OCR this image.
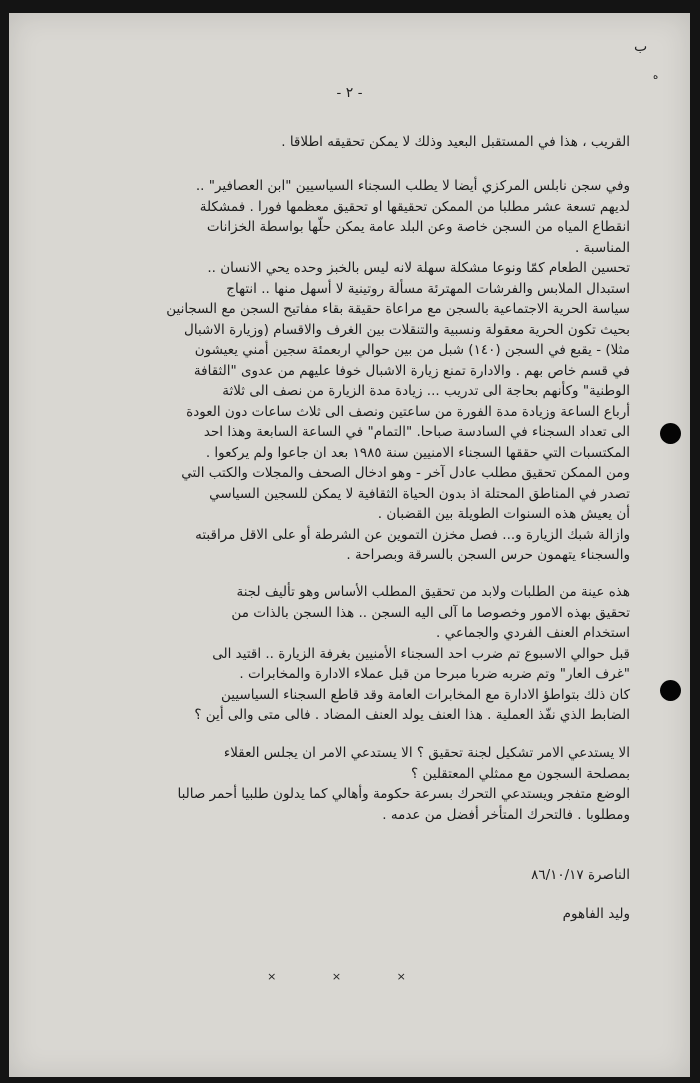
ب
ه
- ٢ -
القريب ، هذا في المستقبل البعيد وذلك لا يمكن تحقيقه اطلاقا .
وفي سجن نابلس المركزي أيضا لا يطلب السجناء السياسيين "ابن العصافير" ..
لديهم تسعة عشر مطلبا من الممكن تحقيقها او تحقيق معظمها فورا . فمشكلة
انقطاع المياه من السجن خاصة وعن البلد عامة يمكن حلّها بواسطة الخزانات
المناسبة .
تحسين الطعام كمّا ونوعا مشكلة سهلة لانه ليس بالخبز وحده يحي الانسان ..
استبدال الملابس والفرشات المهترئة مسألة روتينية لا أسهل منها .. انتهاج
سياسة الحرية الاجتماعية بالسجن مع مراعاة حقيقة بقاء مفاتيح السجن مع السجانين
بحيث تكون الحرية معقولة ونسبية والتنقلات بين الغرف والاقسام (وزيارة الاشبال
مثلا) - يقبع في السجن (١٤٠) شبل من بين حوالي اربعمئة سجين أمني يعيشون
في قسم خاص بهم . والادارة تمنع زيارة الاشبال خوفا عليهم من عدوى "الثقافة
الوطنية" وكأنهم بحاجة الى تدريب ... زيادة مدة الزيارة من نصف الى ثلاثة
أرباع الساعة وزيادة مدة الفورة من ساعتين ونصف الى ثلاث ساعات دون العودة
الى تعداد السجناء في السادسة صباحا. "التمام" في الساعة السابعة وهذا احد
المكتسبات التي حققها السجناء الامنيين سنة ١٩٨٥ بعد ان جاعوا ولم يركعوا .
ومن الممكن تحقيق مطلب عادل آخر - وهو ادخال الصحف والمجلات والكتب التي
تصدر في المناطق المحتلة اذ بدون الحياة الثقافية لا يمكن للسجين السياسي
أن يعيش هذه السنوات الطويلة بين القضبان .
وازالة شبك الزيارة و... فصل مخزن التموين عن الشرطة أو على الاقل مراقبته
والسجناء يتهمون حرس السجن بالسرقة وبصراحة .
هذه عينة من الطلبات ولابد من تحقيق المطلب الأساس وهو تأليف لجنة
تحقيق بهذه الامور وخصوصا ما آلى اليه السجن .. هذا السجن بالذات من
استخدام العنف الفردي والجماعي .
قبل حوالي الاسبوع تم ضرب احد السجناء الأمنيين بغرفة الزيارة .. اقتيد الى
"غرف العار" وتم ضربه ضربا مبرحا من قبل عملاء الادارة والمخابرات .
كان ذلك بتواطؤ الادارة مع المخابرات العامة وقد قاطع السجناء السياسيين
الضابط الذي نفّذ العملية . هذا العنف يولد العنف المضاد . فالى متى والى أين ؟
الا يستدعي الامر تشكيل لجنة تحقيق ؟ الا يستدعي الامر ان يجلس العقلاء
بمصلحة السجون مع ممثلي المعتقلين ؟
الوضع متفجر ويستدعي التحرك بسرعة حكومة وأهالي كما يدلون طلبيا أحمر صالبا
ومطلوبا . فالتحرك المتأخر أفضل من عدمه .
الناصرة ٨٦/١٠/١٧
وليد الفاهوم
× × ×
